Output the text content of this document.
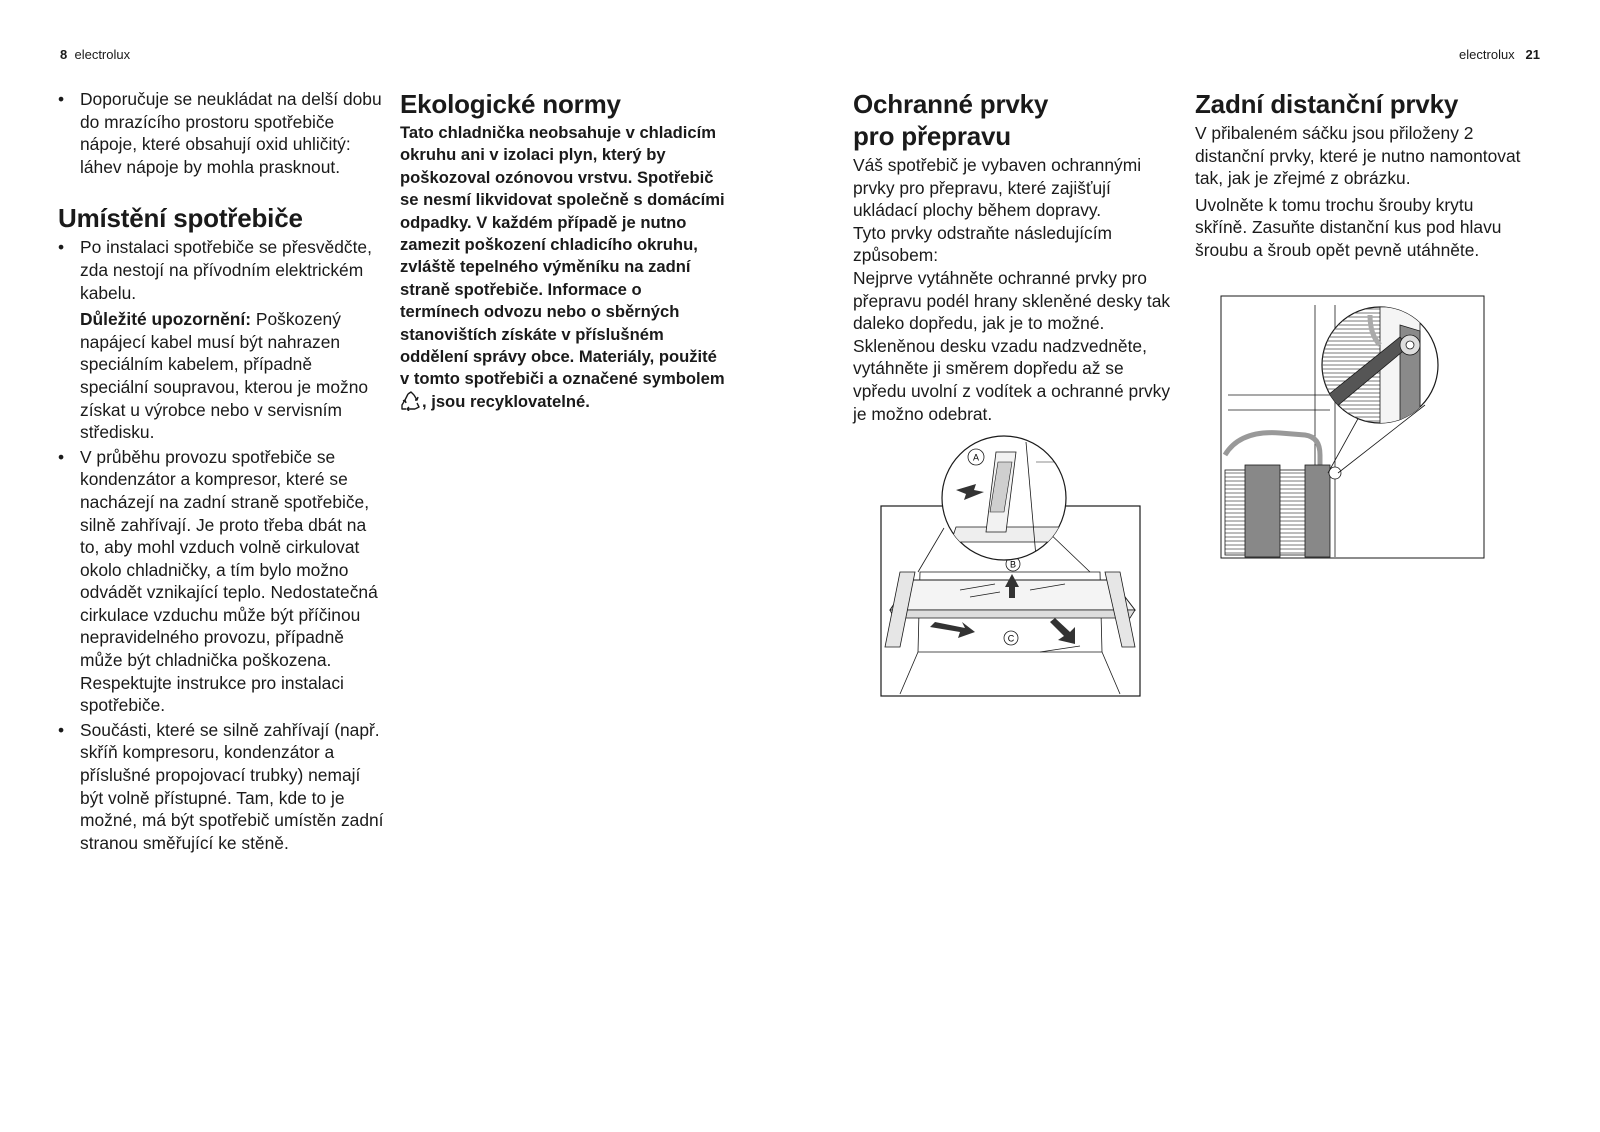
8 electrolux	electrolux 21
• Doporučuje se neukládat na delší dobu do mrazícího prostoru spotřebiče nápoje, které obsahují oxid uhličitý: láhev nápoje by mohla prasknout.
Umístění spotřebiče
• Po instalaci spotřebiče se přesvědčte, zda nestojí na přívodním elektrickém kabelu.
Důležité upozornění: Poškozený napájecí kabel musí být nahrazen speciálním kabelem, případně speciální soupravou, kterou je možno získat u výrobce nebo v servisním středisku.
• V průběhu provozu spotřebiče se kondenzátor a kompresor, které se nacházejí na zadní straně spotřebiče, silně zahřívají. Je proto třeba dbát na to, aby mohl vzduch volně cirkulovat okolo chladničky, a tím bylo možno odvádět vznikající teplo. Nedostatečná cirkulace vzduchu může být příčinou nepravidelného provozu, případně může být chladnička poškozena. Respektujte instrukce pro instalaci spotřebiče.
• Součásti, které se silně zahřívají (např. skříň kompresoru, kondenzátor a příslušné propojovací trubky) nemají být volně přístupné. Tam, kde to je možné, má být spotřebič umístěn zadní stranou směřující ke stěně.
Ekologické normy

Tato chladnička neobsahuje v chladicím okruhu ani v izolaci plyn, který by poškozoval ozónovou vrstvu. Spotřebič se nesmí likvidovat společně s domácími odpadky. V každém případě je nutno zamezit poškození chladicího okruhu, zvláště tepelného výměníku na zadní straně spotřebiče. Informace o termínech odvozu nebo o sběrných stanovištích získáte v příslušném oddělení správy obce. Materiály, použité v tomto spotřebiči a označené symbolem , jsou recyklovatelné.

Ochranné prvky
pro přepravu

Váš spotřebič je vybaven ochrannými prvky pro přepravu, které zajišťují ukládací plochy během dopravy.

Tyto prvky odstraňte následujícím způsobem:

Nejprve vytáhněte ochranné prvky pro přepravu podél hrany skleněné desky tak daleko dopředu, jak je to možné. Skleněnou desku vzadu nadzvedněte, vytáhněte ji směrem dopředu až se vpředu uvolní z vodítek a ochranné prvky je možno odebrat.

B
C
A
Zadní distanční prvky

V přibaleném sáčku jsou přiloženy 2 distanční prvky, které je nutno namontovat tak, jak je zřejmé z obrázku.

Uvolněte k tomu trochu šrouby krytu skříně. Zasuňte distanční kus pod hlavu šroubu a šroub opět pevně utáhněte.
